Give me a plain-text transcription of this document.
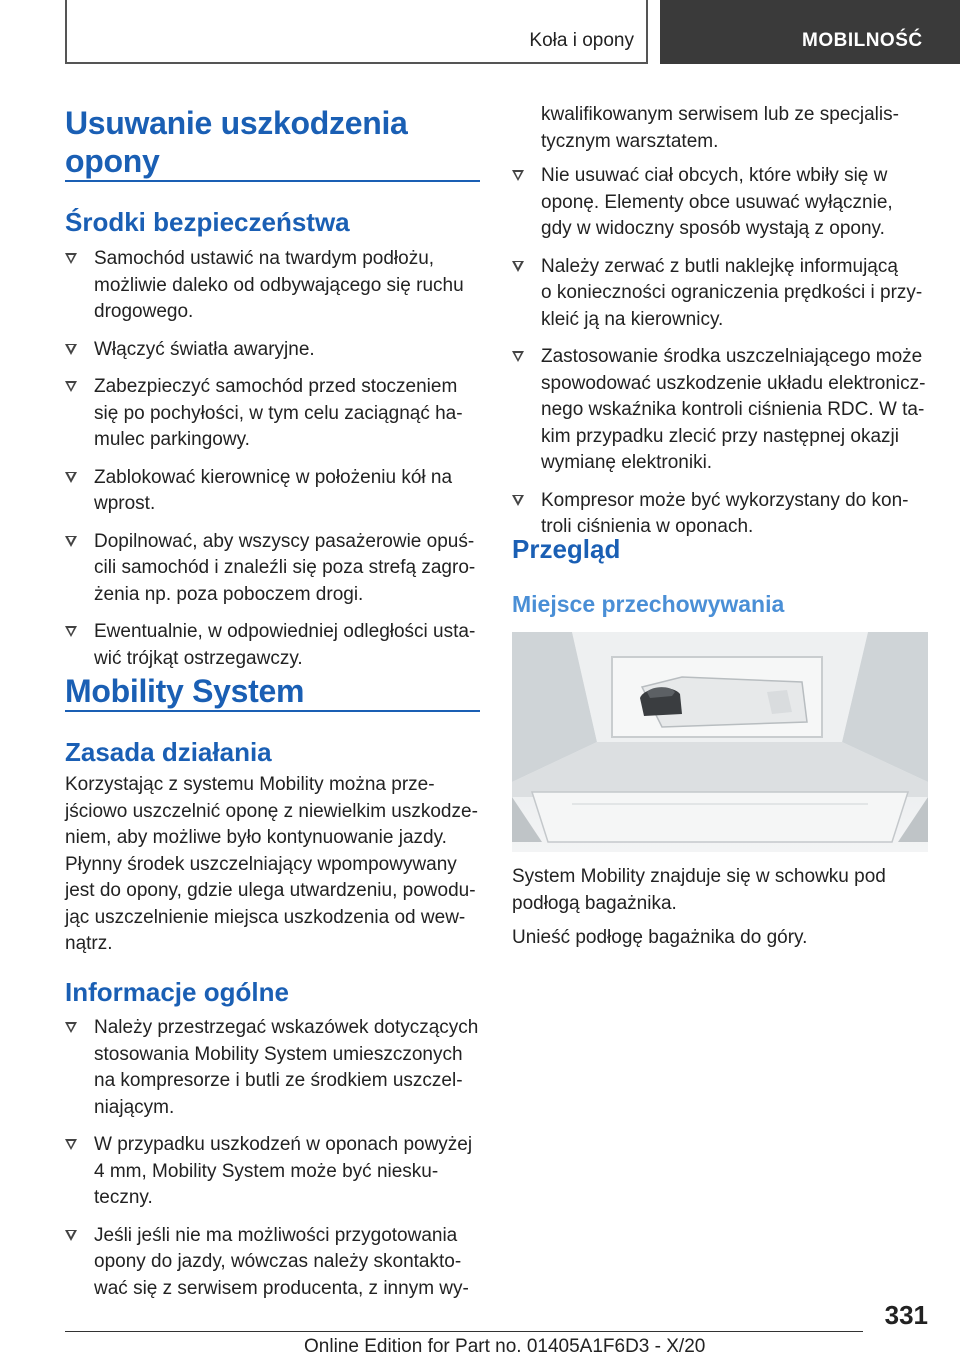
Koła i opony	MOBILNOŚĆ
Usuwanie uszkodzenia
opony
Środki bezpieczeństwa
Samochód ustawić na twardym podłożu,
możliwie daleko od odbywającego się ruchu
drogowego.
Włączyć światła awaryjne.
Zabezpieczyć samochód przed stoczeniem
się po pochyłości, w tym celu zaciągnąć ha-
mulec parkingowy.
Zablokować kierownicę w położeniu kół na
wprost.
Dopilnować, aby wszyscy pasażerowie opuś-
cili samochód i znaleźli się poza strefą zagro-
żenia np. poza poboczem drogi.
Ewentualnie, w odpowiedniej odległości usta-
wić trójkąt ostrzegawczy.
Mobility System
Zasada działania

Korzystając z systemu Mobility można prze-
jściowo uszczelnić oponę z niewielkim uszkodze-
niem, aby możliwe było kontynuowanie jazdy.
Płynny środek uszczelniający wpompowywany
jest do opony, gdzie ulega utwardzeniu, powodu-
jąc uszczelnienie miejsca uszkodzenia od wew-
nątrz.

Informacje ogólne
Należy przestrzegać wskazówek dotyczących
stosowania Mobility System umieszczonych
na kompresorze i butli ze środkiem uszczel-
niającym.
W przypadku uszkodzeń w oponach powyżej
4 mm, Mobility System może być niesku-
teczny.
Jeśli jeśli nie ma możliwości przygotowania
opony do jazdy, wówczas należy skontakto-
wać się z serwisem producenta, z innym wy-

kwalifikowanym serwisem lub ze specjalis-
tycznym warsztatem.

Nie usuwać ciał obcych, które wbiły się w
oponę. Elementy obce usuwać wyłącznie,
gdy w widoczny sposób wystają z opony.
Należy zerwać z butli naklejkę informującą
o konieczności ograniczenia prędkości i przy-
kleić ją na kierownicy.
Zastosowanie środka uszczelniającego może
spowodować uszkodzenie układu elektronicz-
nego wskaźnika kontroli ciśnienia RDC. W ta-
kim przypadku zlecić przy następnej okazji
wymianę elektroniki.
Kompresor może być wykorzystany do kon-
troli ciśnienia w oponach.
Przegląd
Miejsce przechowywania

System Mobility znajduje się w schowku pod
podłogą bagażnika.

Unieść podłogę bagażnika do góry.

331
Online Edition for Part no. 01405A1F6D3 - X/20
